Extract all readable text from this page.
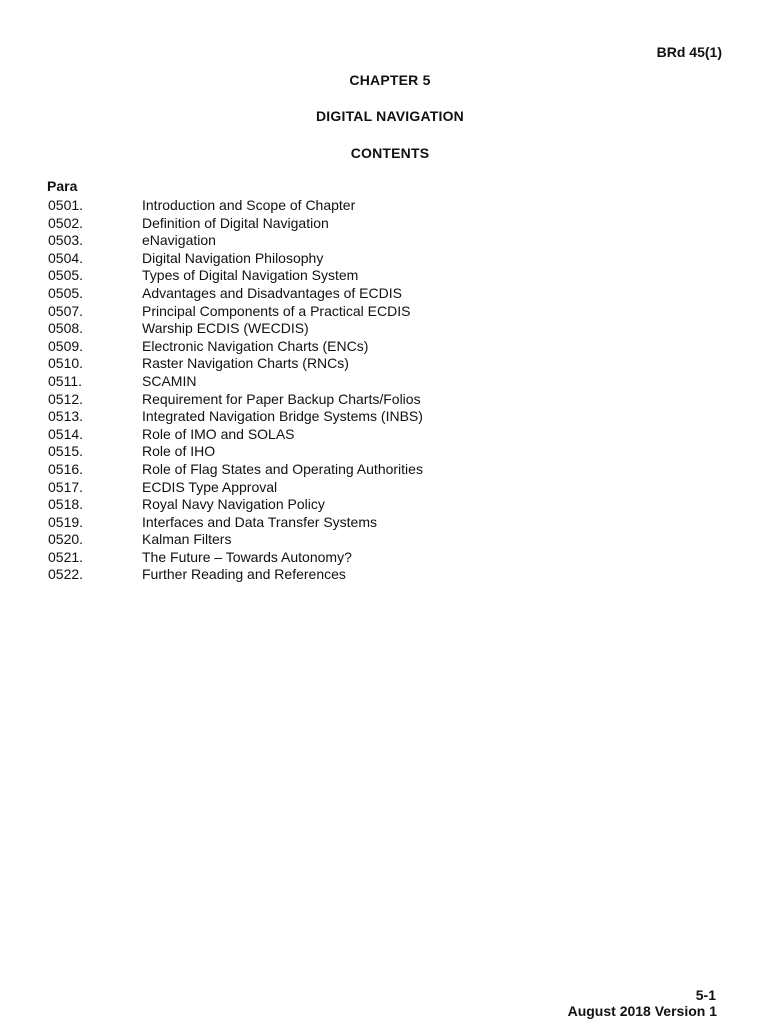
BRd 45(1)
CHAPTER 5
DIGITAL NAVIGATION
CONTENTS
Para
0501.	Introduction and Scope of Chapter
0502.	Definition of Digital Navigation
0503.	eNavigation
0504.	Digital Navigation Philosophy
0505.	Types of Digital Navigation System
0505.	Advantages and Disadvantages of ECDIS
0507.	Principal Components of a Practical ECDIS
0508.	Warship ECDIS (WECDIS)
0509.	Electronic Navigation Charts (ENCs)
0510.	Raster Navigation Charts (RNCs)
0511.	SCAMIN
0512.	Requirement for Paper Backup Charts/Folios
0513.	Integrated Navigation Bridge Systems (INBS)
0514.	Role of IMO and SOLAS
0515.	Role of IHO
0516.	Role of Flag States and Operating Authorities
0517.	ECDIS Type Approval
0518.	Royal Navy Navigation Policy
0519.	Interfaces and Data Transfer Systems
0520.	Kalman Filters
0521.	The Future – Towards Autonomy?
0522.	Further Reading and References
5-1
August 2018 Version 1
